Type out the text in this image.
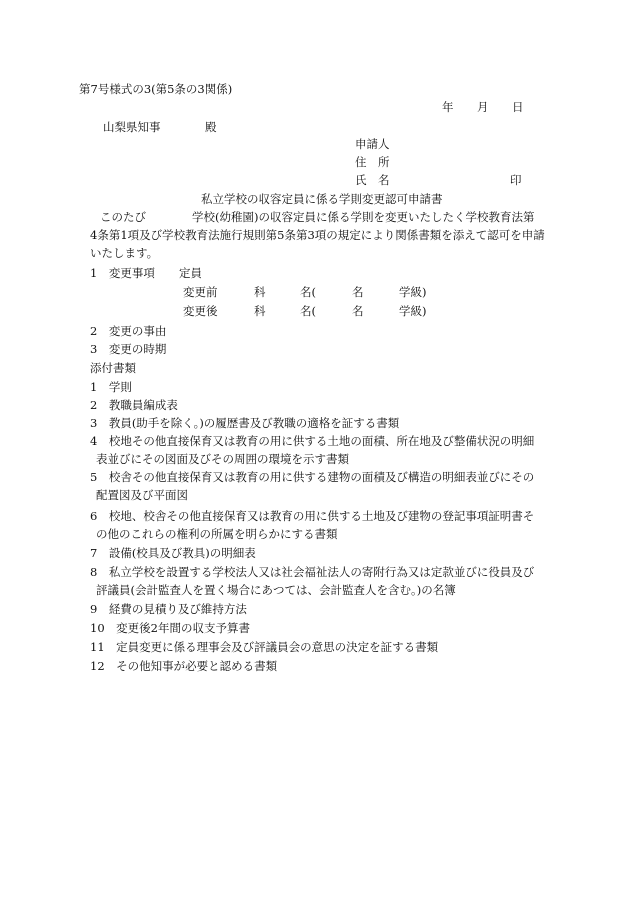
第7号様式の3(第5条の3関係)
年 月 日
山梨県知事	殿
申請人
住　所
氏　名	印
私立学校の収容定員に係る学則変更認可申請書
このたび　　　　学校(幼稚園)の収容定員に係る学則を変更いたしたく学校教育法第
4条第1項及び学校教育法施行規則第5条第3項の規定により関係書類を添えて認可を申請
いたします。
1　変更事項 定員
変更前	科	名(	名	学級)
変更後	科	名(	名	学級)
2　変更の事由
3　変更の時期
添付書類
1　学則
2　教職員編成表
3　教員(助手を除く。)の履歴書及び教職の適格を証する書類
4　校地その他直接保育又は教育の用に供する土地の面積、所在地及び整備状況の明細
表並びにその図面及びその周囲の環境を示す書類
5　校舎その他直接保育又は教育の用に供する建物の面積及び構造の明細表並びにその
配置図及び平面図
6　校地、校舎その他直接保育又は教育の用に供する土地及び建物の登記事項証明書そ
の他のこれらの権利の所属を明らかにする書類
7　設備(校具及び教具)の明細表
8　私立学校を設置する学校法人又は社会福祉法人の寄附行為又は定款並びに役員及び
評議員(会計監査人を置く場合にあつては、会計監査人を含む。)の名簿
9　経費の見積り及び維持方法
10　変更後2年間の収支予算書
11　定員変更に係る理事会及び評議員会の意思の決定を証する書類
12　その他知事が必要と認める書類
